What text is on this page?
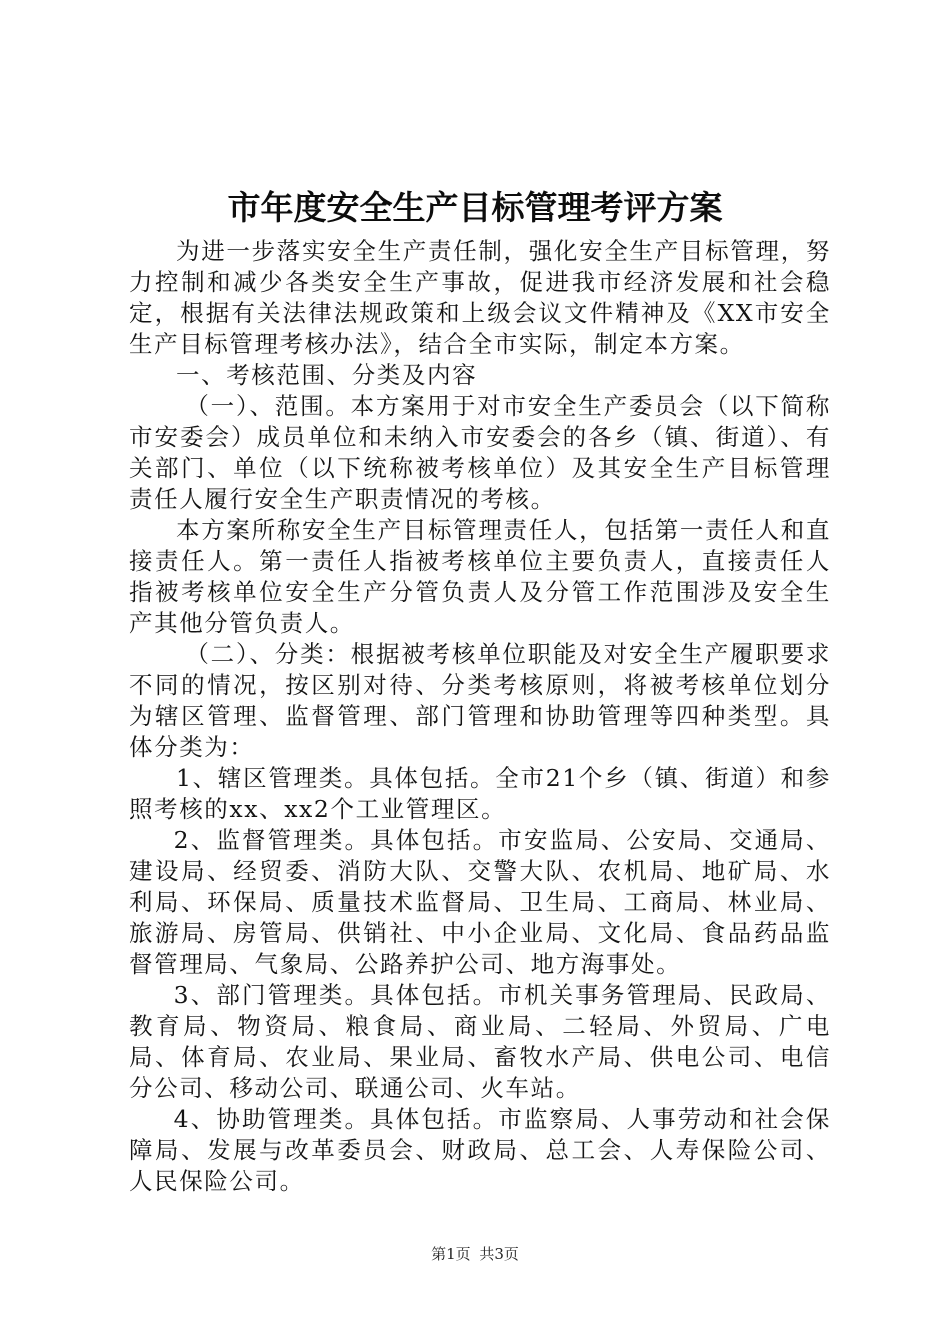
市年度安全生产目标管理考评方案

为进一步落实安全生产责任制，强化安全生产目标管理，努力控制和减少各类安全生产事故，促进我市经济发展和社会稳定，根据有关法律法规政策和上级会议文件精神及《XX市安全生产目标管理考核办法》，结合全市实际，制定本方案。

一、考核范围、分类及内容

（一）、范围。本方案用于对市安全生产委员会（以下简称市安委会）成员单位和未纳入市安委会的各乡（镇、街道）、有关部门、单位（以下统称被考核单位）及其安全生产目标管理责任人履行安全生产职责情况的考核。

本方案所称安全生产目标管理责任人，包括第一责任人和直接责任人。第一责任人指被考核单位主要负责人，直接责任人指被考核单位安全生产分管负责人及分管工作范围涉及安全生产其他分管负责人。

（二）、分类：根据被考核单位职能及对安全生产履职要求不同的情况，按区别对待、分类考核原则，将被考核单位划分为辖区管理、监督管理、部门管理和协助管理等四种类型。具体分类为：

1、辖区管理类。具体包括。全市21个乡（镇、街道）和参照考核的xx、xx2个工业管理区。

2、监督管理类。具体包括。市安监局、公安局、交通局、建设局、经贸委、消防大队、交警大队、农机局、地矿局、水利局、环保局、质量技术监督局、卫生局、工商局、林业局、旅游局、房管局、供销社、中小企业局、文化局、食品药品监督管理局、气象局、公路养护公司、地方海事处。

3、部门管理类。具体包括。市机关事务管理局、民政局、教育局、物资局、粮食局、商业局、二轻局、外贸局、广电局、体育局、农业局、果业局、畜牧水产局、供电公司、电信分公司、移动公司、联通公司、火车站。

4、协助管理类。具体包括。市监察局、人事劳动和社会保障局、发展与改革委员会、财政局、总工会、人寿保险公司、人民保险公司。

第1页 共3页
